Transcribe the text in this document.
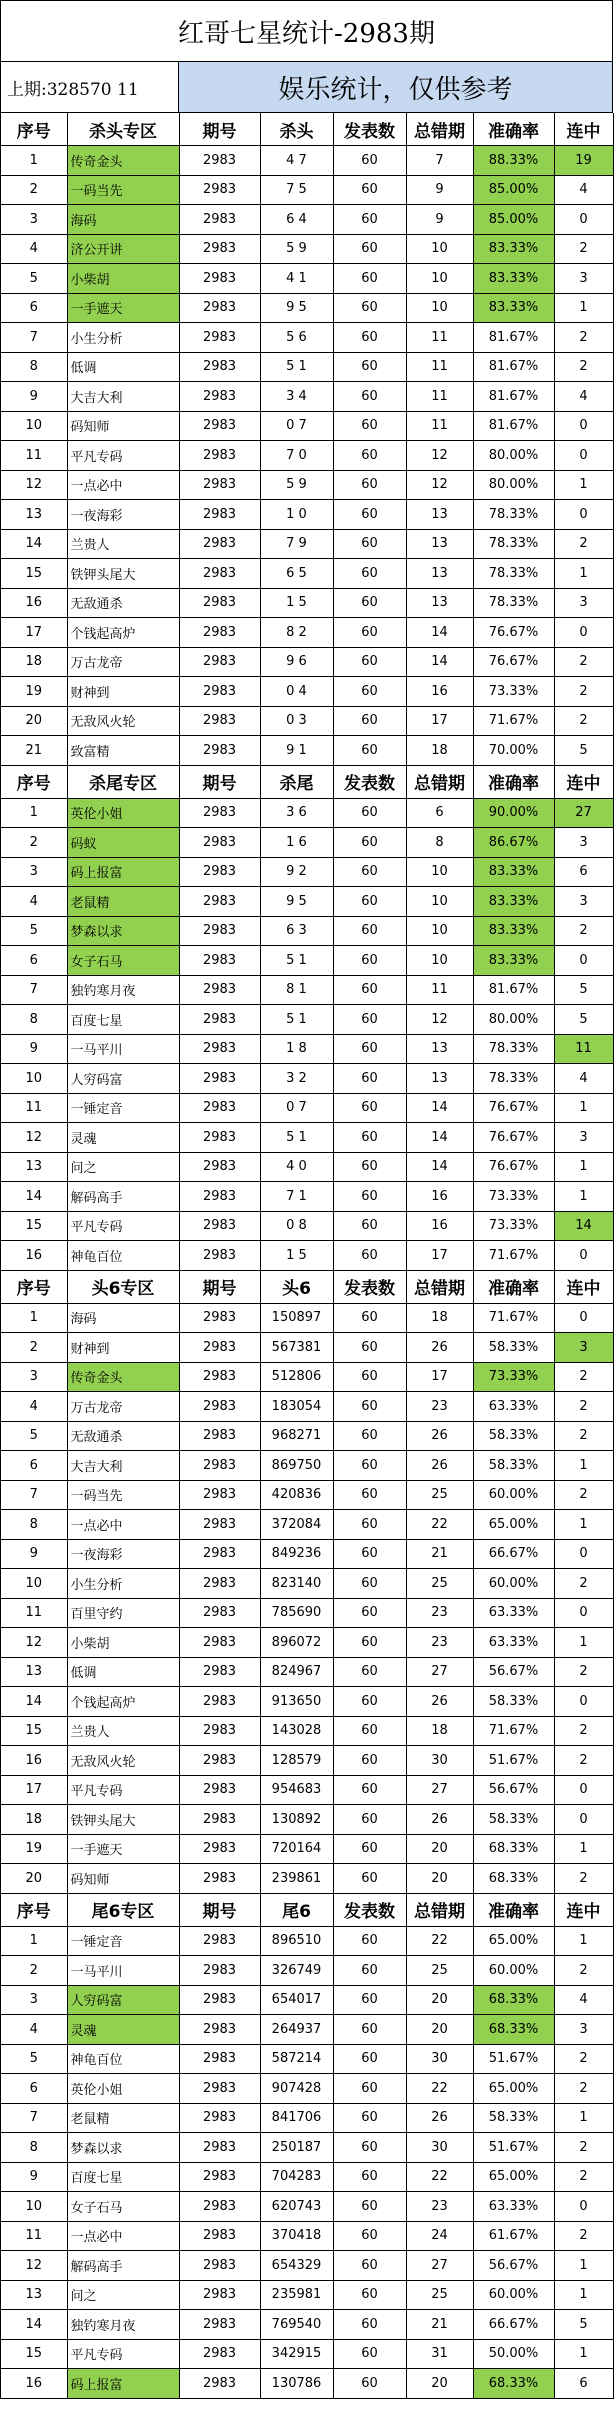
红哥七星统计-2983期
上期:328570 11	娱乐统计，仅供参考
序号	杀头专区	期号	杀头	发表数	总错期	准确率	连中
1	传奇金头	2983	4 7	60	7	88.33%	19
2	一码当先	2983	7 5	60	9	85.00%	4
3	海码	2983	6 4	60	9	85.00%	0
4	济公开讲	2983	5 9	60	10	83.33%	2
5	小柴胡	2983	4 1	60	10	83.33%	3
6	一手遮天	2983	9 5	60	10	83.33%	1
7	小生分析	2983	5 6	60	11	81.67%	2
8	低调	2983	5 1	60	11	81.67%	2
9	大吉大利	2983	3 4	60	11	81.67%	4
10	码知师	2983	0 7	60	11	81.67%	0
11	平凡专码	2983	7 0	60	12	80.00%	0
12	一点必中	2983	5 9	60	12	80.00%	1
13	一夜海彩	2983	1 0	60	13	78.33%	0
14	兰贵人	2983	7 9	60	13	78.33%	2
15	铁钾头尾大	2983	6 5	60	13	78.33%	1
16	无敌通杀	2983	1 5	60	13	78.33%	3
17	个钱起高炉	2983	8 2	60	14	76.67%	0
18	万古龙帝	2983	9 6	60	14	76.67%	2
19	财神到	2983	0 4	60	16	73.33%	2
20	无敌风火轮	2983	0 3	60	17	71.67%	2
21	致富精	2983	9 1	60	18	70.00%	5
序号	杀尾专区	期号	杀尾	发表数	总错期	准确率	连中
1	英伦小姐	2983	3 6	60	6	90.00%	27
2	码蚁	2983	1 6	60	8	86.67%	3
3	码上报富	2983	9 2	60	10	83.33%	6
4	老鼠精	2983	9 5	60	10	83.33%	3
5	梦森以求	2983	6 3	60	10	83.33%	2
6	女子石马	2983	5 1	60	10	83.33%	0
7	独钓寒月夜	2983	8 1	60	11	81.67%	5
8	百度七星	2983	5 1	60	12	80.00%	5
9	一马平川	2983	1 8	60	13	78.33%	11
10	人穷码富	2983	3 2	60	13	78.33%	4
11	一锤定音	2983	0 7	60	14	76.67%	1
12	灵魂	2983	5 1	60	14	76.67%	3
13	问之	2983	4 0	60	14	76.67%	1
14	解码高手	2983	7 1	60	16	73.33%	1
15	平凡专码	2983	0 8	60	16	73.33%	14
16	神龟百位	2983	1 5	60	17	71.67%	0
序号	头6专区	期号	头6	发表数	总错期	准确率	连中
1	海码	2983	150897	60	18	71.67%	0
2	财神到	2983	567381	60	26	58.33%	3
3	传奇金头	2983	512806	60	17	73.33%	2
4	万古龙帝	2983	183054	60	23	63.33%	2
5	无敌通杀	2983	968271	60	26	58.33%	2
6	大吉大利	2983	869750	60	26	58.33%	1
7	一码当先	2983	420836	60	25	60.00%	2
8	一点必中	2983	372084	60	22	65.00%	1
9	一夜海彩	2983	849236	60	21	66.67%	0
10	小生分析	2983	823140	60	25	60.00%	2
11	百里守约	2983	785690	60	23	63.33%	0
12	小柴胡	2983	896072	60	23	63.33%	1
13	低调	2983	824967	60	27	56.67%	2
14	个钱起高炉	2983	913650	60	26	58.33%	0
15	兰贵人	2983	143028	60	18	71.67%	2
16	无敌风火轮	2983	128579	60	30	51.67%	2
17	平凡专码	2983	954683	60	27	56.67%	0
18	铁钾头尾大	2983	130892	60	26	58.33%	0
19	一手遮天	2983	720164	60	20	68.33%	1
20	码知师	2983	239861	60	20	68.33%	2
序号	尾6专区	期号	尾6	发表数	总错期	准确率	连中
1	一锤定音	2983	896510	60	22	65.00%	1
2	一马平川	2983	326749	60	25	60.00%	2
3	人穷码富	2983	654017	60	20	68.33%	4
4	灵魂	2983	264937	60	20	68.33%	3
5	神龟百位	2983	587214	60	30	51.67%	2
6	英伦小姐	2983	907428	60	22	65.00%	2
7	老鼠精	2983	841706	60	26	58.33%	1
8	梦森以求	2983	250187	60	30	51.67%	2
9	百度七星	2983	704283	60	22	65.00%	2
10	女子石马	2983	620743	60	23	63.33%	0
11	一点必中	2983	370418	60	24	61.67%	2
12	解码高手	2983	654329	60	27	56.67%	1
13	问之	2983	235981	60	25	60.00%	1
14	独钓寒月夜	2983	769540	60	21	66.67%	5
15	平凡专码	2983	342915	60	31	50.00%	1
16	码上报富	2983	130786	60	20	68.33%	6
